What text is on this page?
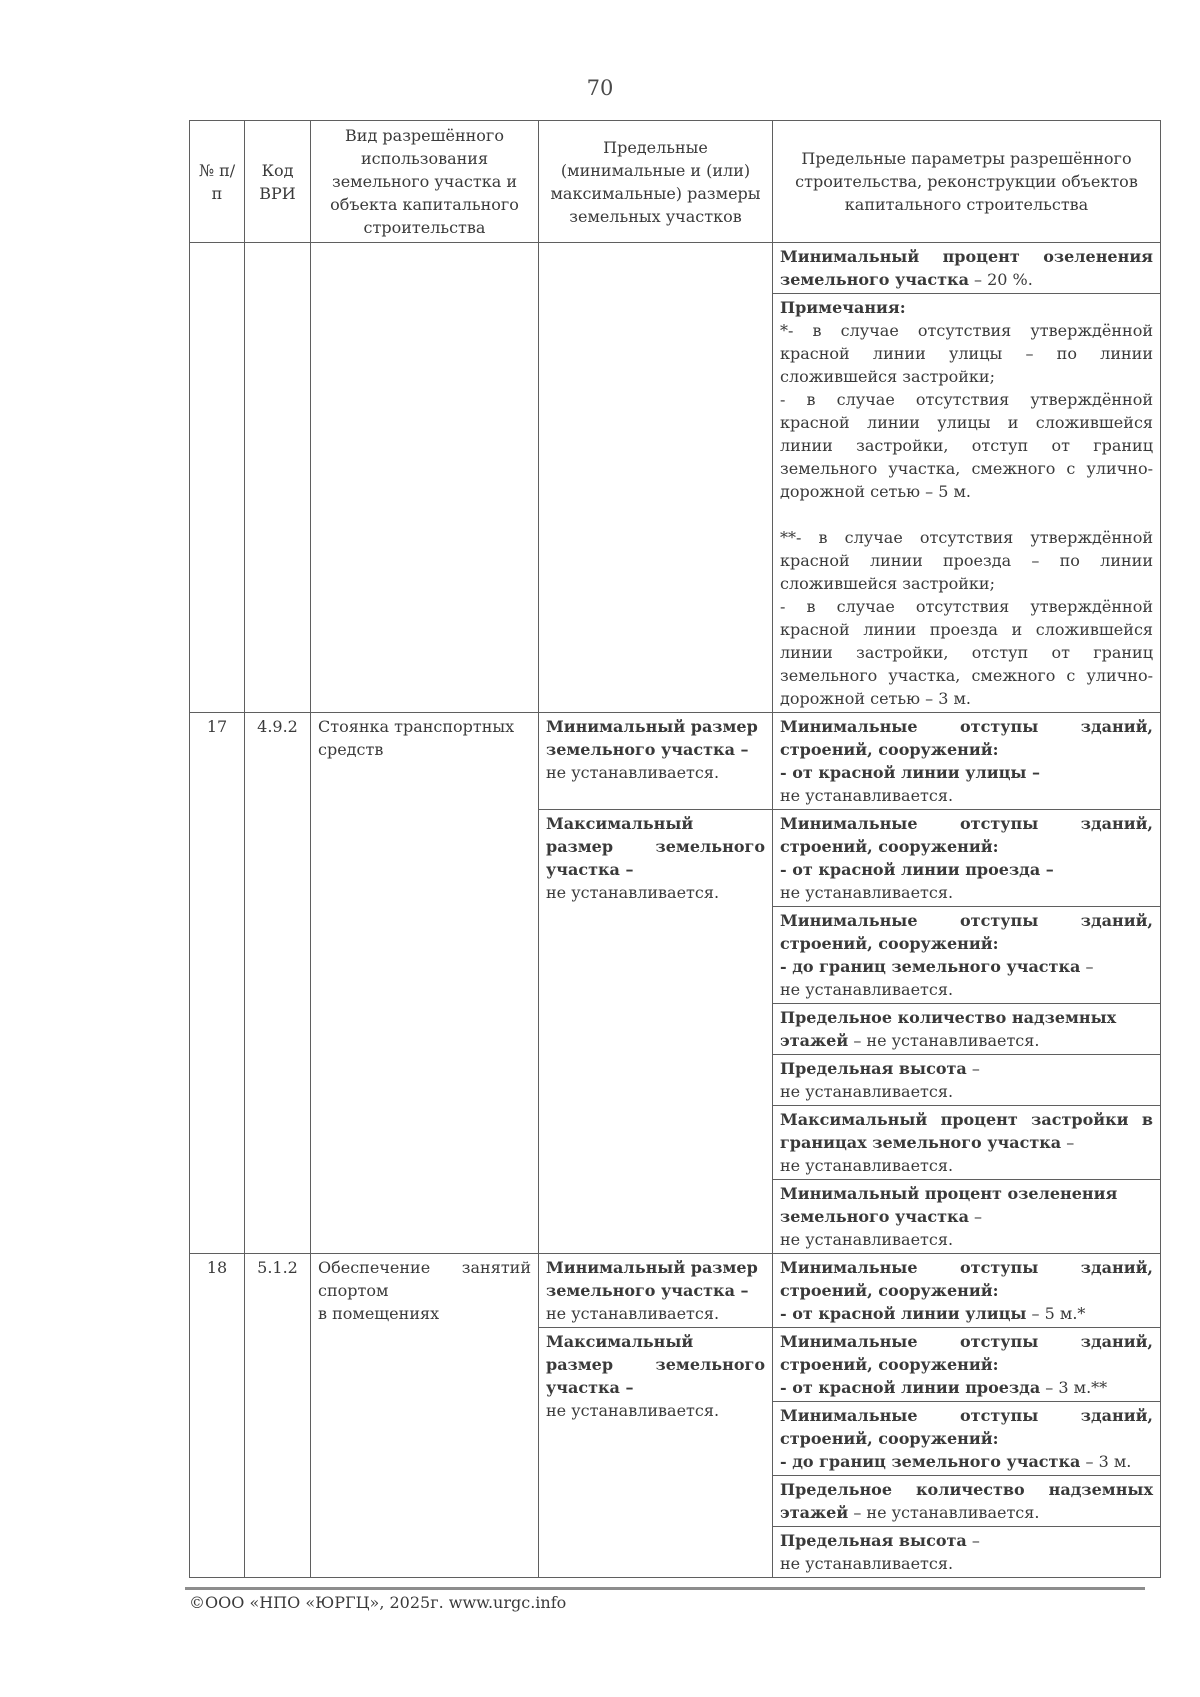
70
№ п/п	Код ВРИ	Вид разрешённого использования земельного участка и объекта капитального строительства	Предельные (минимальные и (или) максимальные) размеры земельных участков	Предельные параметры разрешённого строительства, реконструкции объектов капитального строительства
				Минимальный процент озеленения земельного участка – 20 %.

				Примечания:
*- в случае отсутствия утверждённой красной линии улицы – по линии сложившейся застройки;
- в случае отсутствия утверждённой красной линии улицы и сложившейся линии застройки, отступ от границ земельного участка, смежного с улично-дорожной сетью – 5 м.
**- в случае отсутствия утверждённой красной линии проезда – по линии сложившейся застройки;
- в случае отсутствия утверждённой красной линии проезда и сложившейся линии застройки, отступ от границ земельного участка, смежного с улично-дорожной сетью – 3 м.

17	4.9.2	Стоянка транспортных средств	Минимальный размер земельного участка –
не устанавливается.	Минимальные отступы зданий, строений, сооружений:
- от красной линии улицы –
не устанавливается.
			Максимальный размер земельного участка –
не устанавливается.	Минимальные отступы зданий, строений, сооружений:
- от красной линии проезда –
не устанавливается.
				Минимальные отступы зданий, строений, сооружений:
- до границ земельного участка –
не устанавливается.
				Предельное количество надземных этажей – не устанавливается.
				Предельная высота –
не устанавливается.
				Максимальный процент застройки в границах земельного участка –
не устанавливается.
				Минимальный процент озеленения земельного участка –
не устанавливается.
18	5.1.2	Обеспечение занятий спортом
в помещениях	Минимальный размер земельного участка –
не устанавливается.	Минимальные отступы зданий, строений, сооружений:
- от красной линии улицы – 5 м.*
			Максимальный размер земельного участка –
не устанавливается.	Минимальные отступы зданий, строений, сооружений:
- от красной линии проезда – 3 м.**
				Минимальные отступы зданий, строений, сооружений:
- до границ земельного участка – 3 м.
				Предельное количество надземных этажей – не устанавливается.
				Предельная высота –
не устанавливается.
©ООО «НПО «ЮРГЦ», 2025г. www.urgc.info
